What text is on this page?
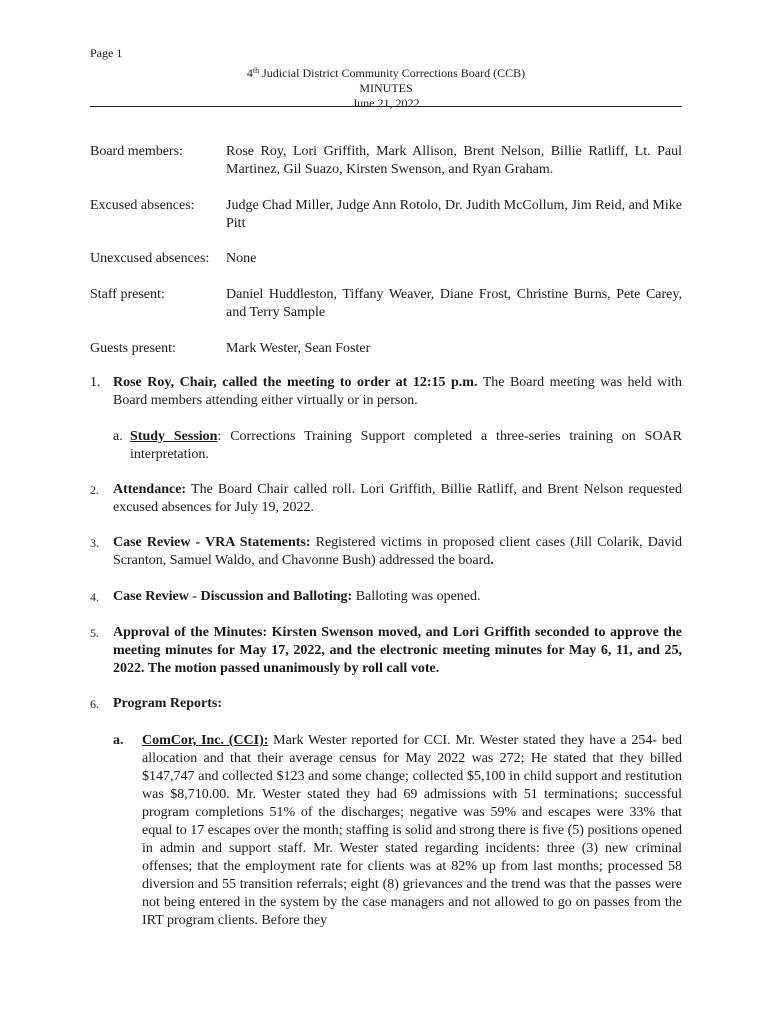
Page 1
4th Judicial District Community Corrections Board (CCB)
MINUTES
June 21, 2022
Board members:	Rose Roy, Lori Griffith, Mark Allison, Brent Nelson, Billie Ratliff, Lt. Paul Martinez, Gil Suazo, Kirsten Swenson, and Ryan Graham.
Excused absences: Judge Chad Miller, Judge Ann Rotolo, Dr. Judith McCollum, Jim Reid, and Mike Pitt
Unexcused absences: None
Staff present:	Daniel Huddleston, Tiffany Weaver, Diane Frost, Christine Burns, Pete Carey, and Terry Sample
Guests present:	Mark Wester, Sean Foster
1. Rose Roy, Chair, called the meeting to order at 12:15 p.m. The Board meeting was held with Board members attending either virtually or in person.
a. Study Session: Corrections Training Support completed a three-series training on SOAR interpretation.
2.	Attendance: The Board Chair called roll. Lori Griffith, Billie Ratliff, and Brent Nelson requested excused absences for July 19, 2022.
3.	Case Review - VRA Statements: Registered victims in proposed client cases (Jill Colarik, David Scranton, Samuel Waldo, and Chavonne Bush) addressed the board.
4.	Case Review - Discussion and Balloting: Balloting was opened.
5.	Approval of the Minutes: Kirsten Swenson moved, and Lori Griffith seconded to approve the meeting minutes for May 17, 2022, and the electronic meeting minutes for May 6, 11, and 25, 2022. The motion passed unanimously by roll call vote.
6.	Program Reports:
a. ComCor, Inc. (CCI): Mark Wester reported for CCI. Mr. Wester stated they have a 254- bed allocation and that their average census for May 2022 was 272; He stated that they billed $147,747 and collected $123 and some change; collected $5,100 in child support and restitution was $8,710.00. Mr. Wester stated they had 69 admissions with 51 terminations; successful program completions 51% of the discharges; negative was 59% and escapes were 33% that equal to 17 escapes over the month; staffing is solid and strong there is five (5) positions opened in admin and support staff. Mr. Wester stated regarding incidents: three (3) new criminal offenses; that the employment rate for clients was at 82% up from last months; processed 58 diversion and 55 transition referrals; eight (8) grievances and the trend was that the passes were not being entered in the system by the case managers and not allowed to go on passes from the IRT program clients. Before they
